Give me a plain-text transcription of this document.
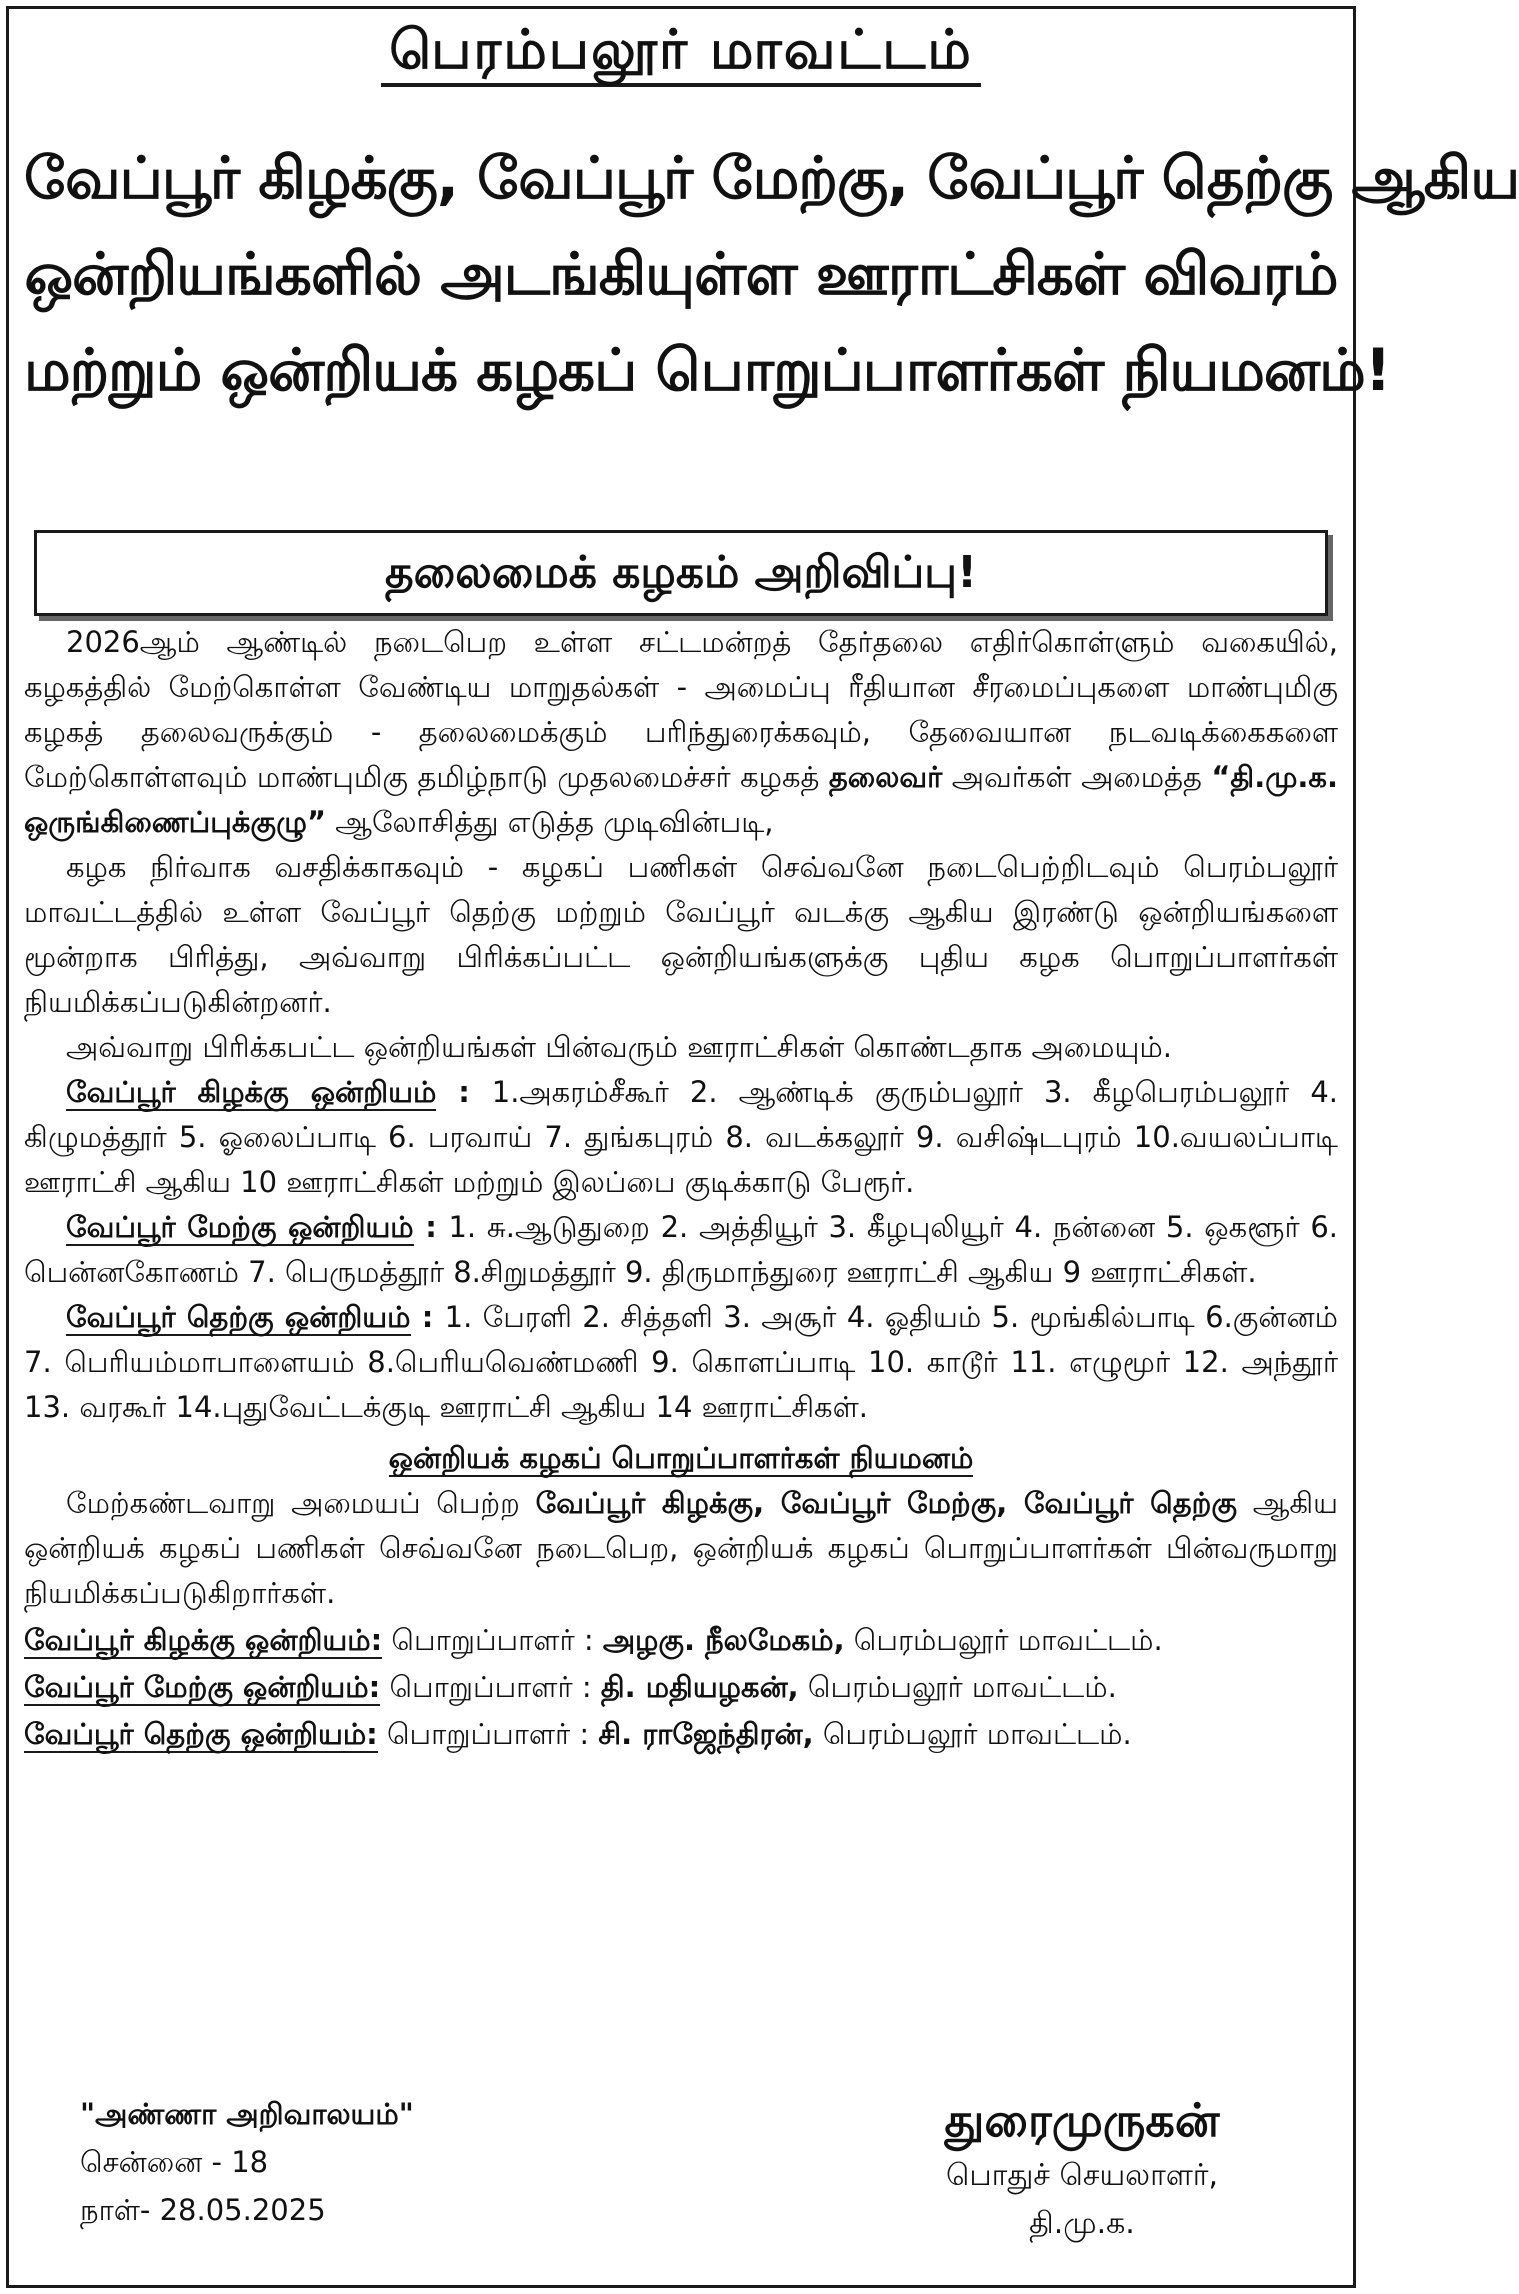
பெரம்பலூர் மாவட்டம்
வேப்பூர் கிழக்கு, வேப்பூர் மேற்கு, வேப்பூர் தெற்கு ஆகிய
ஒன்றியங்களில் அடங்கியுள்ள ஊராட்சிகள் விவரம்
மற்றும் ஒன்றியக் கழகப் பொறுப்பாளர்கள் நியமனம்!
தலைமைக் கழகம் அறிவிப்பு!

2026ஆம் ஆண்டில் நடைபெற உள்ள சட்டமன்றத் தேர்தலை எதிர்கொள்ளும் வகையில், கழகத்தில் மேற்கொள்ள வேண்டிய மாறுதல்கள் - அமைப்பு ரீதியான சீரமைப்புகளை மாண்புமிகு கழகத் தலைவருக்கும் - தலைமைக்கும் பரிந்துரைக்கவும், தேவையான நடவடிக்கைகளை மேற்கொள்ளவும் மாண்புமிகு தமிழ்நாடு முதலமைச்சர் கழகத் தலைவர் அவர்கள் அமைத்த “தி.மு.க. ஒருங்கிணைப்புக்குழு” ஆலோசித்து எடுத்த முடிவின்படி,

கழக நிர்வாக வசதிக்காகவும் - கழகப் பணிகள் செவ்வனே நடைபெற்றிடவும் பெரம்பலூர் மாவட்டத்தில் உள்ள வேப்பூர் தெற்கு மற்றும் வேப்பூர் வடக்கு ஆகிய இரண்டு ஒன்றியங்களை மூன்றாக பிரித்து, அவ்வாறு பிரிக்கப்பட்ட ஒன்றியங்களுக்கு புதிய கழக பொறுப்பாளர்கள் நியமிக்கப்படுகின்றனர்.

அவ்வாறு பிரிக்கபட்ட ஒன்றியங்கள் பின்வரும் ஊராட்சிகள் கொண்டதாக அமையும்.

வேப்பூர் கிழக்கு ஒன்றியம் : 1.அகரம்சீகூர் 2. ஆண்டிக் குரும்பலூர் 3. கீழபெரம்பலூர் 4. கிழுமத்தூர் 5. ஓலைப்பாடி 6. பரவாய் 7. துங்கபுரம் 8. வடக்கலூர் 9. வசிஷ்டபுரம் 10.வயலப்பாடி ஊராட்சி ஆகிய 10 ஊராட்சிகள் மற்றும் இலப்பை குடிக்காடு பேரூர்.

வேப்பூர் மேற்கு ஒன்றியம் : 1. சு.ஆடுதுறை 2. அத்தியூர் 3. கீழபுலியூர் 4. நன்னை 5. ஒகளூர் 6. பென்னகோணம் 7. பெருமத்தூர் 8.சிறுமத்தூர் 9. திருமாந்துரை ஊராட்சி ஆகிய 9 ஊராட்சிகள்.

வேப்பூர் தெற்கு ஒன்றியம் : 1. பேரளி 2. சித்தளி 3. அசூர் 4. ஓதியம் 5. மூங்கில்பாடி 6.குன்னம் 7. பெரியம்மாபாளையம் 8.பெரியவெண்மணி 9. கொளப்பாடி 10. காடூர் 11. எழுமூர் 12. அந்தூர் 13. வரகூர் 14.புதுவேட்டக்குடி ஊராட்சி ஆகிய 14 ஊராட்சிகள்.

ஒன்றியக் கழகப் பொறுப்பாளர்கள் நியமனம்

மேற்கண்டவாறு அமையப் பெற்ற வேப்பூர் கிழக்கு, வேப்பூர் மேற்கு, வேப்பூர் தெற்கு ஆகிய ஒன்றியக் கழகப் பணிகள் செவ்வனே நடைபெற, ஒன்றியக் கழகப் பொறுப்பாளர்கள் பின்வருமாறு நியமிக்கப்படுகிறார்கள்.

வேப்பூர் கிழக்கு ஒன்றியம்: பொறுப்பாளர் : அழகு. நீலமேகம், பெரம்பலூர் மாவட்டம்.
வேப்பூர் மேற்கு ஒன்றியம்: பொறுப்பாளர் : தி. மதியழகன், பெரம்பலூர் மாவட்டம்.
வேப்பூர் தெற்கு ஒன்றியம்: பொறுப்பாளர் : சி. ராஜேந்திரன், பெரம்பலூர் மாவட்டம்.
"அண்ணா அறிவாலயம்"
சென்னை - 18
நாள்- 28.05.2025
துரைமுருகன்
பொதுச் செயலாளர்,
தி.மு.க.
